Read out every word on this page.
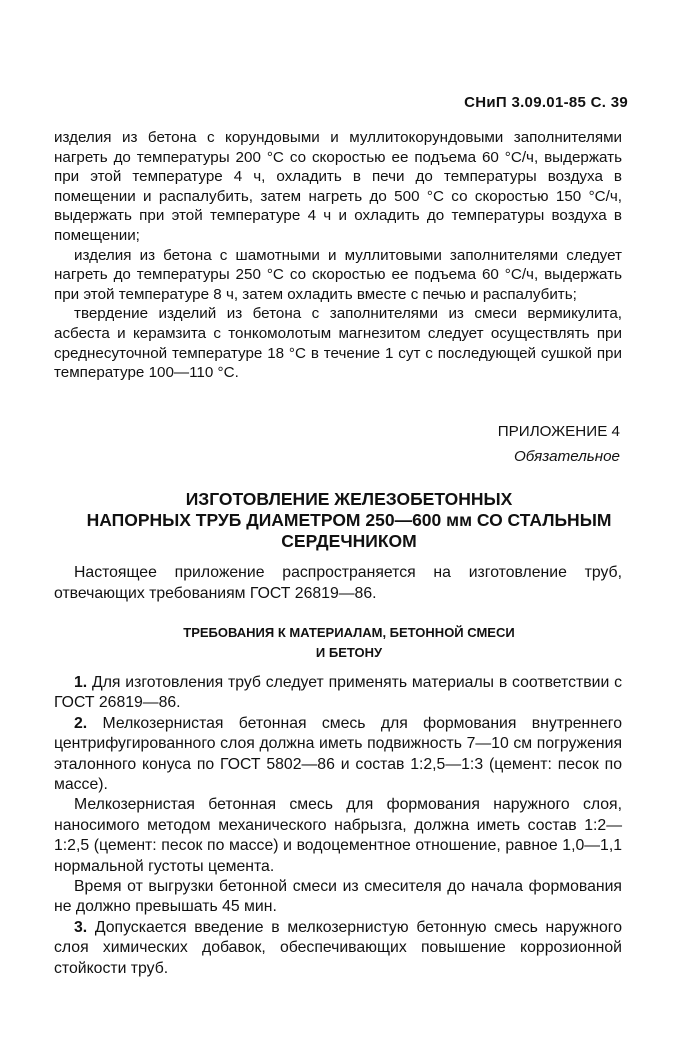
СНиП 3.09.01-85 С. 39

изделия из бетона с корундовыми и муллитокорундовыми заполнителями нагреть до температуры 200 °С со скоростью ее подъема 60 °С/ч, выдержать при этой температуре 4 ч, охладить в печи до температуры воздуха в помещении и распалубить, затем нагреть до 500 °С со скоростью 150 °С/ч, выдержать при этой температуре 4 ч и охладить до температуры воздуха в помещении;

изделия из бетона с шамотными и муллитовыми заполнителями следует нагреть до температуры 250 °С со скоростью ее подъема 60 °С/ч, выдержать при этой температуре 8 ч, затем охладить вместе с печью и распалубить;

твердение изделий из бетона с заполнителями из смеси вермикулита, асбеста и керамзита с тонкомолотым магнезитом следует осуществлять при среднесуточной температуре 18 °С в течение 1 сут с последующей сушкой при температуре 100—110 °С.

ПРИЛОЖЕНИЕ 4
Обязательное
ИЗГОТОВЛЕНИЕ ЖЕЛЕЗОБЕТОННЫХ
НАПОРНЫХ ТРУБ ДИАМЕТРОМ 250—600 мм СО СТАЛЬНЫМ
СЕРДЕЧНИКОМ

Настоящее приложение распространяется на изготовление труб, отвечающих требованиям ГОСТ 26819—86.

ТРЕБОВАНИЯ К МАТЕРИАЛАМ, БЕТОННОЙ СМЕСИ
И БЕТОНУ

1. Для изготовления труб следует применять материалы в соответствии с ГОСТ 26819—86.

2. Мелкозернистая бетонная смесь для формования внутреннего центрифугированного слоя должна иметь подвижность 7—10 см погружения эталонного конуса по ГОСТ 5802—86 и состав 1:2,5—1:3 (цемент: песок по массе).

Мелкозернистая бетонная смесь для формования наружного слоя, наносимого методом механического набрызга, должна иметь состав 1:2—1:2,5 (цемент: песок по массе) и водоцементное отношение, равное 1,0—1,1 нормальной густоты цемента.

Время от выгрузки бетонной смеси из смесителя до начала формования не должно превышать 45 мин.

3. Допускается введение в мелкозернистую бетонную смесь наружного слоя химических добавок, обеспечивающих повышение коррозионной стойкости труб.
